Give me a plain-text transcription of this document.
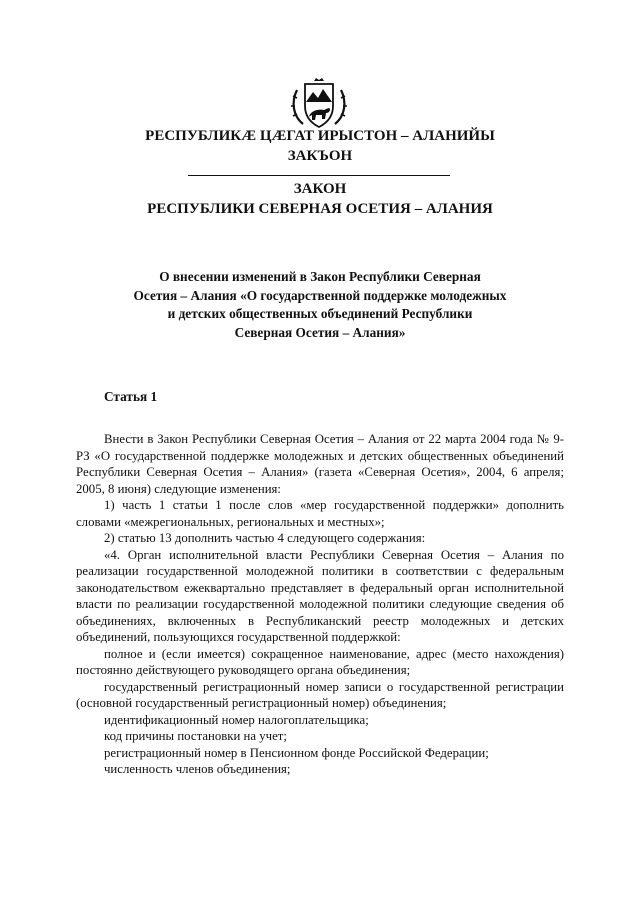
РЕСПУБЛИКӔ ЦӔГАТ ИРЫСТОН – АЛАНИЙЫ
ЗАКЪОН
ЗАКОН
РЕСПУБЛИКИ СЕВЕРНАЯ ОСЕТИЯ – АЛАНИЯ
О внесении изменений в Закон Республики Северная
Осетия – Алания «О государственной поддержке молодежных
и детских общественных объединений Республики
Северная Осетия – Алания»
Статья 1

Внести в Закон Республики Северная Осетия – Алания от 22 марта 2004 года № 9-РЗ «О государственной поддержке молодежных и детских общественных объединений Республики Северная Осетия – Алания» (газета «Северная Осетия», 2004, 6 апреля; 2005, 8 июня) следующие изменения:

1) часть 1 статьи 1 после слов «мер государственной поддержки» дополнить словами «межрегиональных, региональных и местных»;

2) статью 13 дополнить частью 4 следующего содержания:

«4. Орган исполнительной власти Республики Северная Осетия – Алания по реализации государственной молодежной политики в соответствии с федеральным законодательством ежеквартально представляет в федеральный орган исполнительной власти по реализации государственной молодежной политики следующие сведения об объединениях, включенных в Республиканский реестр молодежных и детских объединений, пользующихся государственной поддержкой:

полное и (если имеется) сокращенное наименование, адрес (место нахождения) постоянно действующего руководящего органа объединения;

государственный регистрационный номер записи о государственной регистрации (основной государственный регистрационный номер) объединения;

идентификационный номер налогоплательщика;

код причины постановки на учет;

регистрационный номер в Пенсионном фонде Российской Федерации;

численность членов объединения;
